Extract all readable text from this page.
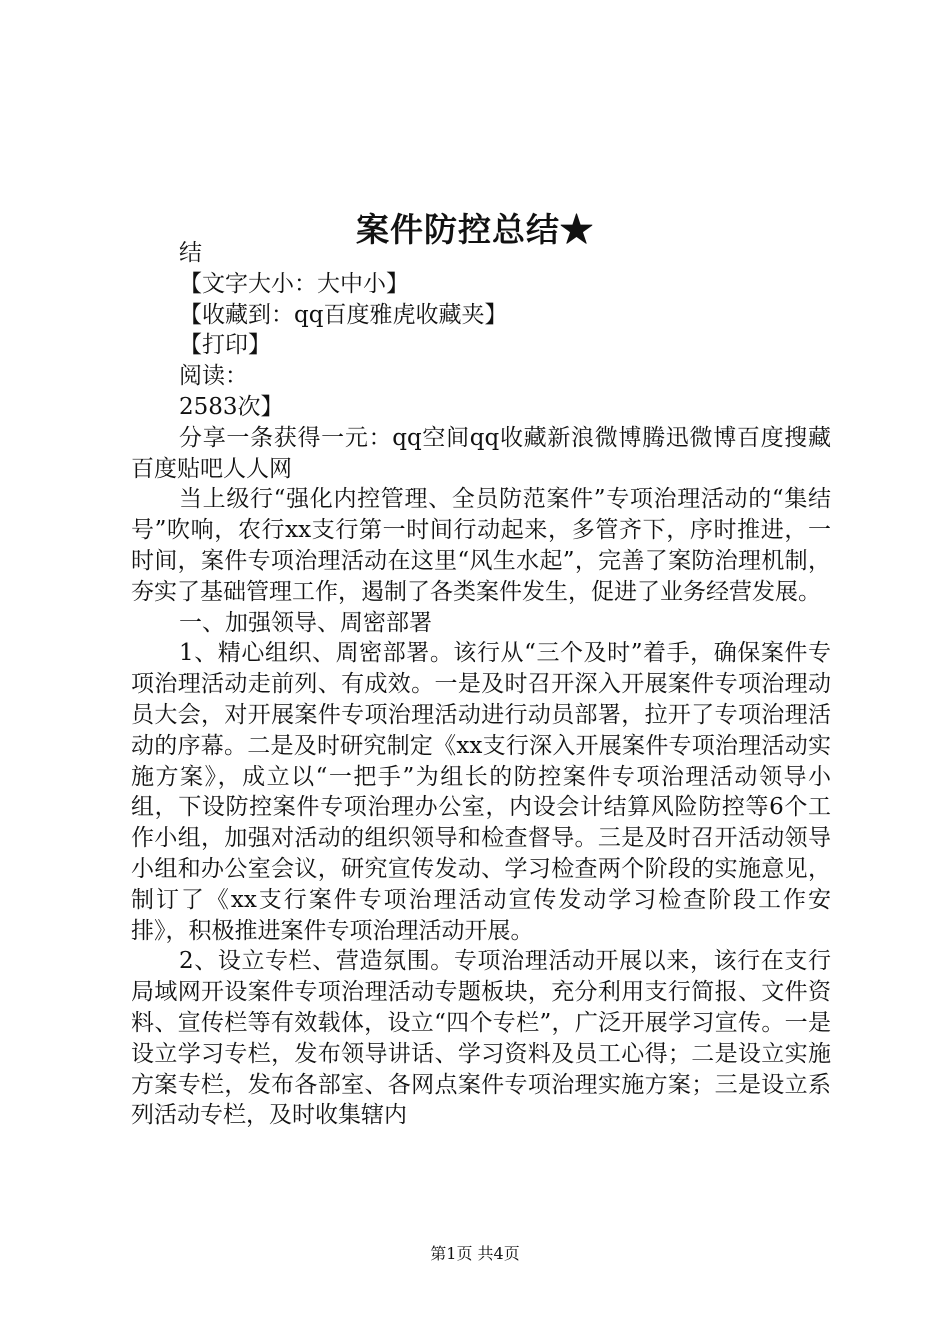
案件防控总结★

结

【文字大小：大中小】

【收藏到：qq百度雅虎收藏夹】

【打印】

阅读：

2583次】

分享一条获得一元：qq空间qq收藏新浪微博腾迅微博百度搜藏百度贴吧人人网

当上级行“强化内控管理、全员防范案件”专项治理活动的“集结号”吹响，农行xx支行第一时间行动起来，多管齐下，序时推进，一时间，案件专项治理活动在这里“风生水起”，完善了案防治理机制，夯实了基础管理工作，遏制了各类案件发生，促进了业务经营发展。

一、加强领导、周密部署

1、精心组织、周密部署。该行从“三个及时”着手，确保案件专项治理活动走前列、有成效。一是及时召开深入开展案件专项治理动员大会，对开展案件专项治理活动进行动员部署，拉开了专项治理活动的序幕。二是及时研究制定《xx支行深入开展案件专项治理活动实施方案》，成立以“一把手”为组长的防控案件专项治理活动领导小组，下设防控案件专项治理办公室，内设会计结算风险防控等6个工作小组，加强对活动的组织领导和检查督导。三是及时召开活动领导小组和办公室会议，研究宣传发动、学习检查两个阶段的实施意见，制订了《xx支行案件专项治理活动宣传发动学习检查阶段工作安排》，积极推进案件专项治理活动开展。

2、设立专栏、营造氛围。专项治理活动开展以来，该行在支行局域网开设案件专项治理活动专题板块，充分利用支行简报、文件资料、宣传栏等有效载体，设立“四个专栏”，广泛开展学习宣传。一是设立学习专栏，发布领导讲话、学习资料及员工心得；二是设立实施方案专栏，发布各部室、各网点案件专项治理实施方案；三是设立系列活动专栏，及时收集辖内

第1页 共4页
